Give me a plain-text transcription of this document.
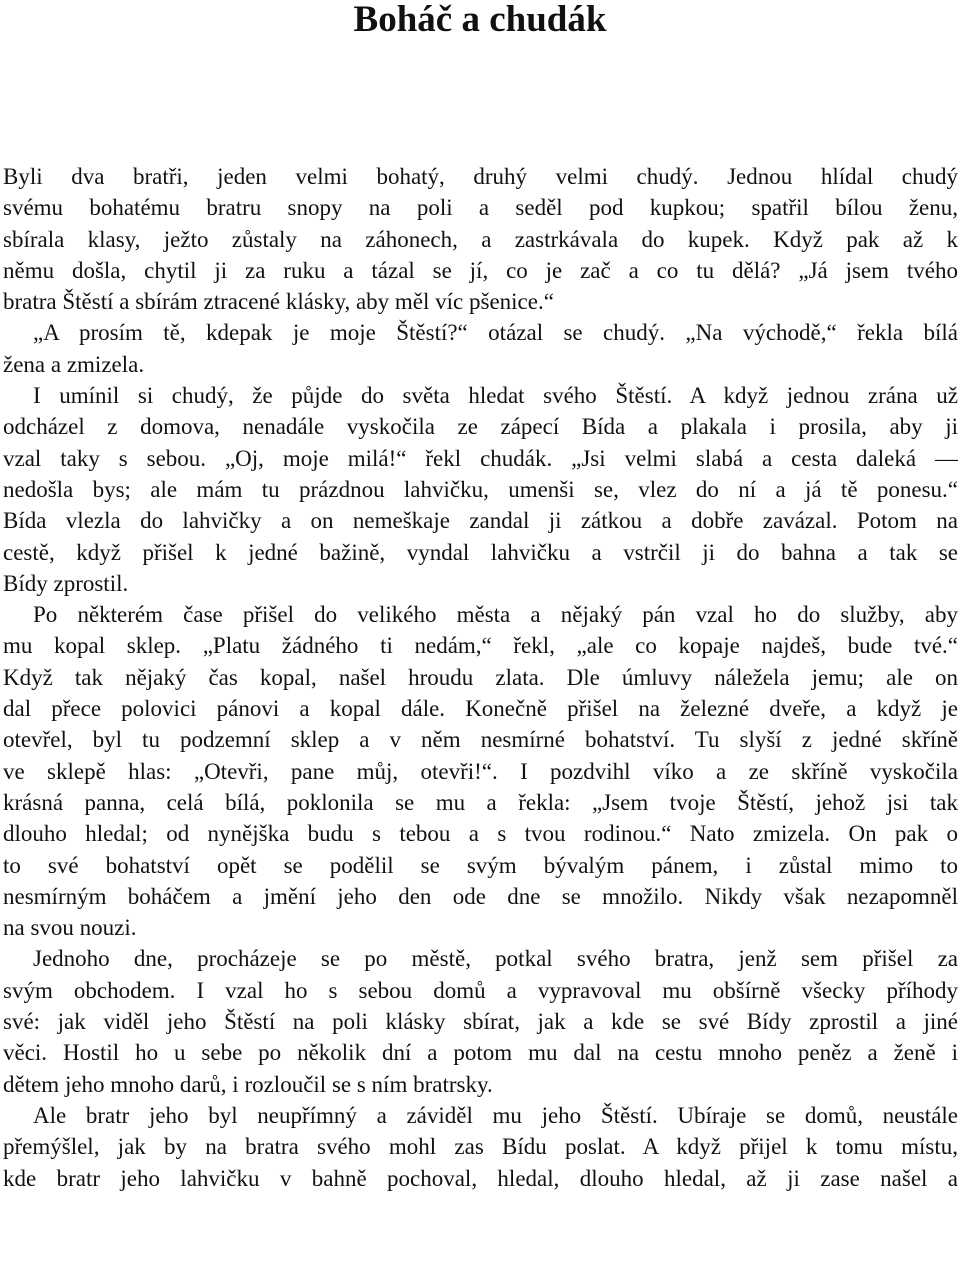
Boháč a chudák
Byli dva bratři, jeden velmi bohatý, druhý velmi chudý. Jednou hlídal chudý
svému bohatému bratru snopy na poli a seděl pod kupkou; spatřil bílou ženu,
sbírala klasy, ježto zůstaly na záhonech, a zastrkávala do kupek. Když pak až k
němu došla, chytil ji za ruku a tázal se jí, co je zač a co tu dělá? „Já jsem tvého
bratra Štěstí a sbírám ztracené klásky, aby měl víc pšenice.“
„A prosím tě, kdepak je moje Štěstí?“ otázal se chudý. „Na východě,“ řekla bílá
žena a zmizela.
I umínil si chudý, že půjde do světa hledat svého Štěstí. A když jednou zrána už
odcházel z domova, nenadále vyskočila ze zápecí Bída a plakala i prosila, aby ji
vzal taky s sebou. „Oj, moje milá!“ řekl chudák. „Jsi velmi slabá a cesta daleká —
nedošla bys; ale mám tu prázdnou lahvičku, umenši se, vlez do ní a já tě ponesu.“
Bída vlezla do lahvičky a on nemeškaje zandal ji zátkou a dobře zavázal. Potom na
cestě, když přišel k jedné bažině, vyndal lahvičku a vstrčil ji do bahna a tak se
Bídy zprostil.
Po některém čase přišel do velikého města a nějaký pán vzal ho do služby, aby
mu kopal sklep. „Platu žádného ti nedám,“ řekl, „ale co kopaje najdeš, bude tvé.“
Když tak nějaký čas kopal, našel hroudu zlata. Dle úmluvy náležela jemu; ale on
dal přece polovici pánovi a kopal dále. Konečně přišel na železné dveře, a když je
otevřel, byl tu podzemní sklep a v něm nesmírné bohatství. Tu slyší z jedné skříně
ve sklepě hlas: „Otevři, pane můj, otevři!“. I pozdvihl víko a ze skříně vyskočila
krásná panna, celá bílá, poklonila se mu a řekla: „Jsem tvoje Štěstí, jehož jsi tak
dlouho hledal; od nynějška budu s tebou a s tvou rodinou.“ Nato zmizela. On pak o
to své bohatství opět se podělil se svým bývalým pánem, i zůstal mimo to
nesmírným boháčem a jmění jeho den ode dne se množilo. Nikdy však nezapomněl
na svou nouzi.
Jednoho dne, procházeje se po městě, potkal svého bratra, jenž sem přišel za
svým obchodem. I vzal ho s sebou domů a vypravoval mu obšírně všecky příhody
své: jak viděl jeho Štěstí na poli klásky sbírat, jak a kde se své Bídy zprostil a jiné
věci. Hostil ho u sebe po několik dní a potom mu dal na cestu mnoho peněz a ženě i
dětem jeho mnoho darů, i rozloučil se s ním bratrsky.
Ale bratr jeho byl neupřímný a záviděl mu jeho Štěstí. Ubíraje se domů, neustále
přemýšlel, jak by na bratra svého mohl zas Bídu poslat. A když přijel k tomu místu,
kde bratr jeho lahvičku v bahně pochoval, hledal, dlouho hledal, až ji zase našel a
